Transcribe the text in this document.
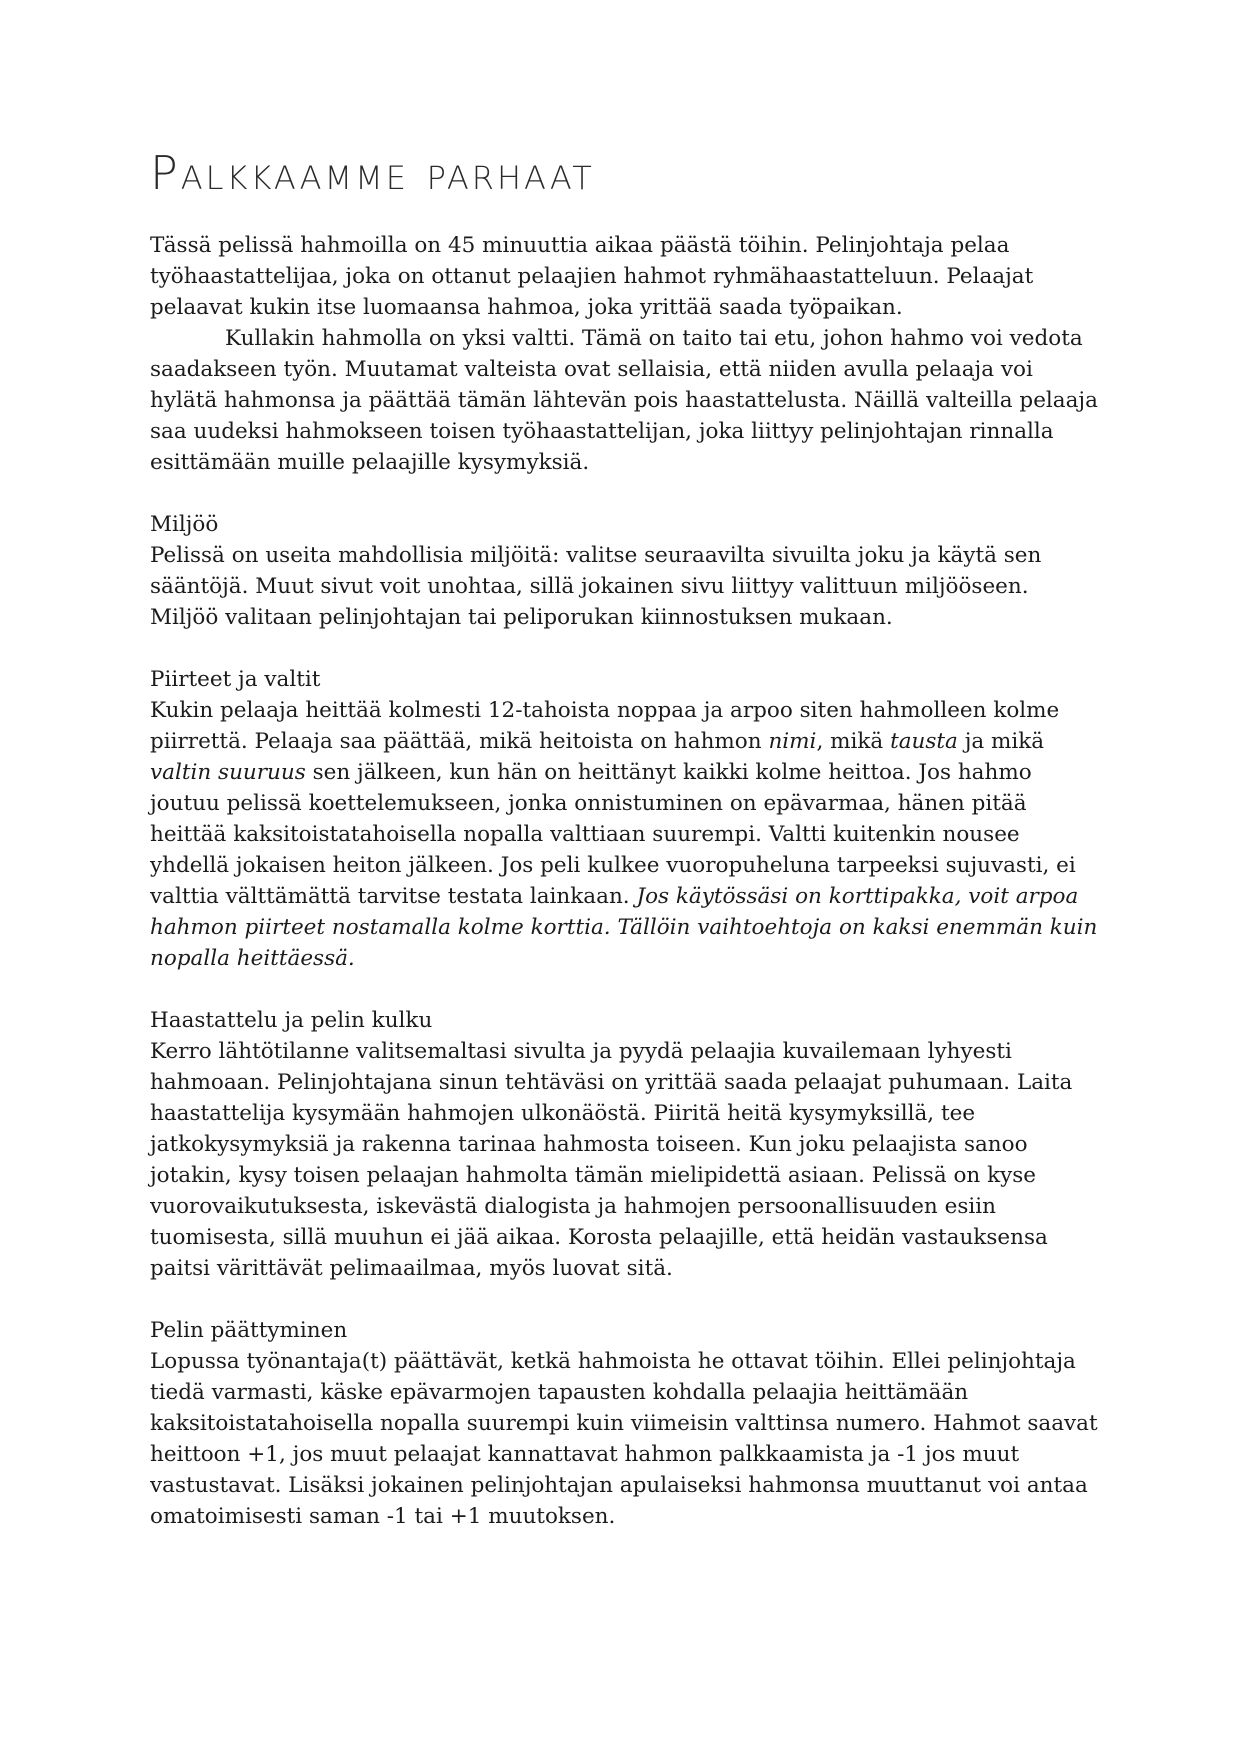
Palkkaamme parhaat

Tässä pelissä hahmoilla on 45 minuuttia aikaa päästä töihin. Pelinjohtaja pelaa työhaastattelijaa, joka on ottanut pelaajien hahmot ryhmähaastatteluun. Pelaajat pelaavat kukin itse luomaansa hahmoa, joka yrittää saada työpaikan.

Kullakin hahmolla on yksi valtti. Tämä on taito tai etu, johon hahmo voi vedota saadakseen työn. Muutamat valteista ovat sellaisia, että niiden avulla pelaaja voi hylätä hahmonsa ja päättää tämän lähtevän pois haastattelusta. Näillä valteilla pelaaja saa uudeksi hahmokseen toisen työhaastattelijan, joka liittyy pelinjohtajan rinnalla esittämään muille pelaajille kysymyksiä.

Miljöö

Pelissä on useita mahdollisia miljöitä: valitse seuraavilta sivuilta joku ja käytä sen sääntöjä. Muut sivut voit unohtaa, sillä jokainen sivu liittyy valittuun miljööseen. Miljöö valitaan pelinjohtajan tai peliporukan kiinnostuksen mukaan.

Piirteet ja valtit

Kukin pelaaja heittää kolmesti 12-tahoista noppaa ja arpoo siten hahmolleen kolme piirrettä. Pelaaja saa päättää, mikä heitoista on hahmon nimi, mikä tausta ja mikä valtin suuruus sen jälkeen, kun hän on heittänyt kaikki kolme heittoa. Jos hahmo joutuu pelissä koettelemukseen, jonka onnistuminen on epävarmaa, hänen pitää heittää kaksitoistatahoisella nopalla valttiaan suurempi. Valtti kuitenkin nousee yhdellä jokaisen heiton jälkeen. Jos peli kulkee vuoropuheluna tarpeeksi sujuvasti, ei valttia välttämättä tarvitse testata lainkaan. Jos käytössäsi on korttipakka, voit arpoa hahmon piirteet nostamalla kolme korttia. Tällöin vaihtoehtoja on kaksi enemmän kuin nopalla heittäessä.

Haastattelu ja pelin kulku

Kerro lähtötilanne valitsemaltasi sivulta ja pyydä pelaajia kuvailemaan lyhyesti hahmoaan. Pelinjohtajana sinun tehtäväsi on yrittää saada pelaajat puhumaan. Laita haastattelija kysymään hahmojen ulkonäöstä. Piiritä heitä kysymyksillä, tee jatkokysymyksiä ja rakenna tarinaa hahmosta toiseen. Kun joku pelaajista sanoo jotakin, kysy toisen pelaajan hahmolta tämän mielipidettä asiaan. Pelissä on kyse vuorovaikutuksesta, iskevästä dialogista ja hahmojen persoonallisuuden esiin tuomisesta, sillä muuhun ei jää aikaa. Korosta pelaajille, että heidän vastauksensa paitsi värittävät pelimaailmaa, myös luovat sitä.

Pelin päättyminen

Lopussa työnantaja(t) päättävät, ketkä hahmoista he ottavat töihin. Ellei pelinjohtaja tiedä varmasti, käske epävarmojen tapausten kohdalla pelaajia heittämään kaksitoistatahoisella nopalla suurempi kuin viimeisin valttinsa numero. Hahmot saavat heittoon +1, jos muut pelaajat kannattavat hahmon palkkaamista ja -1 jos muut vastustavat. Lisäksi jokainen pelinjohtajan apulaiseksi hahmonsa muuttanut voi antaa omatoimisesti saman -1 tai +1 muutoksen.
